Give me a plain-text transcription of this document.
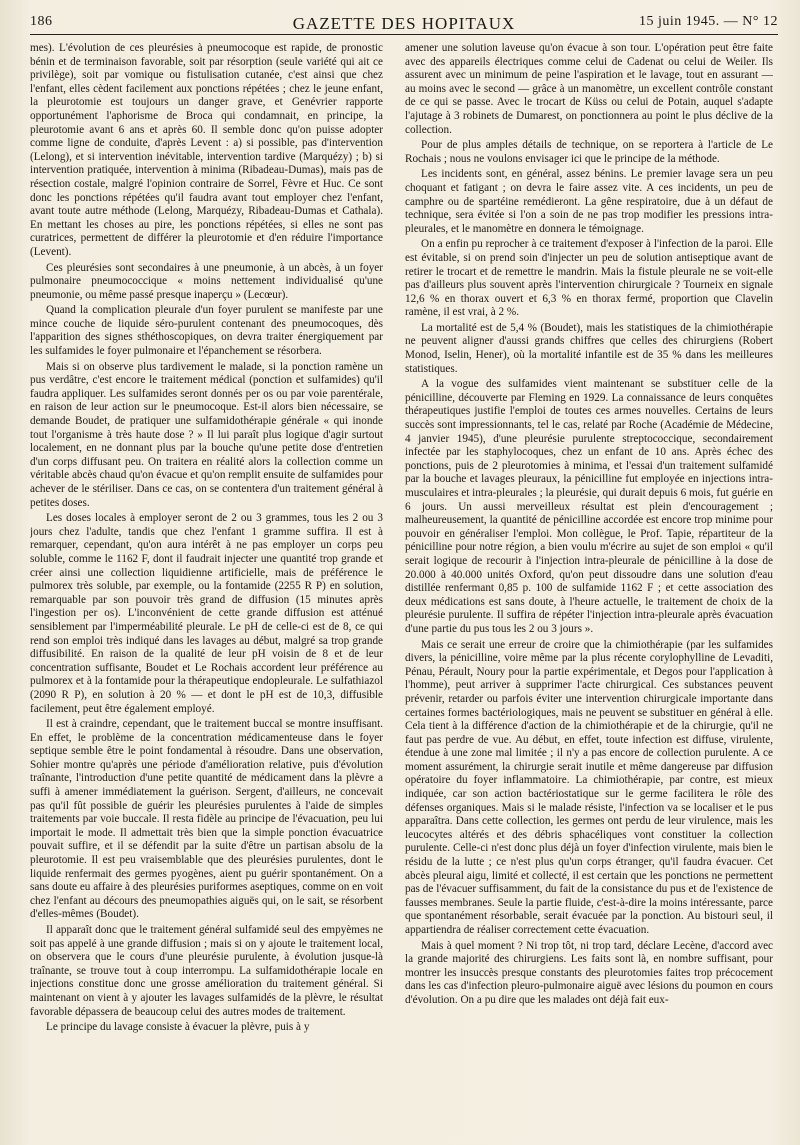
186	GAZETTE DES HOPITAUX	15 juin 1945. — N° 12

mes). L'évolution de ces pleurésies à pneumocoque est rapide, de pronostic bénin et de terminaison favorable, soit par résorption (seule variété qui ait ce privilège), soit par vomique ou fistulisation cutanée, c'est ainsi que chez l'enfant, elles cèdent facilement aux ponctions répétées ; chez le jeune enfant, la pleurotomie est toujours un danger grave, et Genévrier rapporte opportunément l'aphorisme de Broca qui condamnait, en principe, la pleurotomie avant 6 ans et après 60. Il semble donc qu'on puisse adopter comme ligne de conduite, d'après Levent : a) si possible, pas d'intervention (Lelong), et si intervention inévitable, intervention tardive (Marquézy) ; b) si intervention pratiquée, intervention à minima (Ribadeau-Dumas), mais pas de résection costale, malgré l'opinion contraire de Sorrel, Fèvre et Huc. Ce sont donc les ponctions répétées qu'il faudra avant tout employer chez l'enfant, avant toute autre méthode (Lelong, Marquézy, Ribadeau-Dumas et Cathala). En mettant les choses au pire, les ponctions répétées, si elles ne sont pas curatrices, permettent de différer la pleurotomie et d'en réduire l'importance (Levent).

Ces pleurésies sont secondaires à une pneumonie, à un abcès, à un foyer pulmonaire pneumococcique « moins nettement individualisé qu'une pneumonie, ou même passé presque inaperçu » (Lecœur).

Quand la complication pleurale d'un foyer purulent se manifeste par une mince couche de liquide séro-purulent contenant des pneumocoques, dès l'apparition des signes sthéthoscopiques, on devra traiter énergiquement par les sulfamides le foyer pulmonaire et l'épanchement se résorbera.

Mais si on observe plus tardivement le malade, si la ponction ramène un pus verdâtre, c'est encore le traitement médical (ponction et sulfamides) qu'il faudra appliquer. Les sulfamides seront donnés per os ou par voie parentérale, en raison de leur action sur le pneumocoque. Est-il alors bien nécessaire, se demande Boudet, de pratiquer une sulfamidothérapie générale « qui inonde tout l'organisme à très haute dose ? » Il lui paraît plus logique d'agir surtout localement, en ne donnant plus par la bouche qu'une petite dose d'entretien d'un corps diffusant peu. On traitera en réalité alors la collection comme un véritable abcès chaud qu'on évacue et qu'on remplit ensuite de sulfamides pour achever de le stériliser. Dans ce cas, on se contentera d'un traitement général à petites doses.

Les doses locales à employer seront de 2 ou 3 grammes, tous les 2 ou 3 jours chez l'adulte, tandis que chez l'enfant 1 gramme suffira. Il est à remarquer, cependant, qu'on aura intérêt à ne pas employer un corps peu soluble, comme le 1162 F, dont il faudrait injecter une quantité trop grande et créer ainsi une collection liquidienne artificielle, mais de préférence le pulmorex très soluble, par exemple, ou la fontamide (2255 R P) en solution, remarquable par son pouvoir très grand de diffusion (15 minutes après l'ingestion per os). L'inconvénient de cette grande diffusion est atténué sensiblement par l'imperméabilité pleurale. Le pH de celle-ci est de 8, ce qui rend son emploi très indiqué dans les lavages au début, malgré sa trop grande diffusibilité. En raison de la qualité de leur pH voisin de 8 et de leur concentration suffisante, Boudet et Le Rochais accordent leur préférence au pulmorex et à la fontamide pour la thérapeutique endopleurale. Le sulfathiazol (2090 R P), en solution à 20 % — et dont le pH est de 10,3, diffusible facilement, peut être également employé.

Il est à craindre, cependant, que le traitement buccal se montre insuffisant. En effet, le problème de la concentration médicamenteuse dans le foyer septique semble être le point fondamental à résoudre. Dans une observation, Sohier montre qu'après une période d'amélioration relative, puis d'évolution traînante, l'introduction d'une petite quantité de médicament dans la plèvre a suffi à amener immédiatement la guérison. Sergent, d'ailleurs, ne concevait pas qu'il fût possible de guérir les pleurésies purulentes à l'aide de simples traitements par voie buccale. Il resta fidèle au principe de l'évacuation, peu lui importait le mode. Il admettait très bien que la simple ponction évacuatrice pouvait suffire, et il se défendit par la suite d'être un partisan absolu de la pleurotomie. Il est peu vraisemblable que des pleurésies purulentes, dont le liquide renfermait des germes pyogènes, aient pu guérir spontanément. On a sans doute eu affaire à des pleurésies puriformes aseptiques, comme on en voit chez l'enfant au décours des pneumopathies aiguës qui, on le sait, se résorbent d'elles-mêmes (Boudet).

Il apparaît donc que le traitement général sulfamidé seul des empyèmes ne soit pas appelé à une grande diffusion ; mais si on y ajoute le traitement local, on observera que le cours d'une pleurésie purulente, à évolution jusque-là traînante, se trouve tout à coup interrompu. La sulfamidothérapie locale en injections constitue donc une grosse amélioration du traitement général. Si maintenant on vient à y ajouter les lavages sulfamidés de la plèvre, le résultat favorable dépassera de beaucoup celui des autres modes de traitement.

Le principe du lavage consiste à évacuer la plèvre, puis à y

amener une solution laveuse qu'on évacue à son tour. L'opération peut être faite avec des appareils électriques comme celui de Cadenat ou celui de Weiler. Ils assurent avec un minimum de peine l'aspiration et le lavage, tout en assurant — au moins avec le second — grâce à un manomètre, un excellent contrôle constant de ce qui se passe. Avec le trocart de Küss ou celui de Potain, auquel s'adapte l'ajutage à 3 robinets de Dumarest, on ponctionnera au point le plus déclive de la collection.

Pour de plus amples détails de technique, on se reportera à l'article de Le Rochais ; nous ne voulons envisager ici que le principe de la méthode.

Les incidents sont, en général, assez bénins. Le premier lavage sera un peu choquant et fatigant ; on devra le faire assez vite. A ces incidents, un peu de camphre ou de spartéine remédieront. La gêne respiratoire, due à un défaut de technique, sera évitée si l'on a soin de ne pas trop modifier les pressions intra-pleurales, et le manomètre en donnera le témoignage.

On a enfin pu reprocher à ce traitement d'exposer à l'infection de la paroi. Elle est évitable, si on prend soin d'injecter un peu de solution antiseptique avant de retirer le trocart et de remettre le mandrin. Mais la fistule pleurale ne se voit-elle pas d'ailleurs plus souvent après l'intervention chirurgicale ? Tourneix en signale 12,6 % en thorax ouvert et 6,3 % en thorax fermé, proportion que Clavelin ramène, il est vrai, à 2 %.

La mortalité est de 5,4 % (Boudet), mais les statistiques de la chimiothérapie ne peuvent aligner d'aussi grands chiffres que celles des chirurgiens (Robert Monod, Iselin, Hener), où la mortalité infantile est de 35 % dans les meilleures statistiques.

A la vogue des sulfamides vient maintenant se substituer celle de la pénicilline, découverte par Fleming en 1929. La connaissance de leurs conquêtes thérapeutiques justifie l'emploi de toutes ces armes nouvelles. Certains de leurs succès sont impressionnants, tel le cas, relaté par Roche (Académie de Médecine, 4 janvier 1945), d'une pleurésie purulente streptococcique, secondairement infectée par les staphylocoques, chez un enfant de 10 ans. Après échec des ponctions, puis de 2 pleurotomies à minima, et l'essai d'un traitement sulfamidé par la bouche et lavages pleuraux, la pénicilline fut employée en injections intra-musculaires et intra-pleurales ; la pleurésie, qui durait depuis 6 mois, fut guérie en 6 jours. Un aussi merveilleux résultat est plein d'encouragement ; malheureusement, la quantité de pénicilline accordée est encore trop minime pour pouvoir en généraliser l'emploi. Mon collègue, le Prof. Tapie, répartiteur de la pénicilline pour notre région, a bien voulu m'écrire au sujet de son emploi « qu'il serait logique de recourir à l'injection intra-pleurale de pénicilline à la dose de 20.000 à 40.000 unités Oxford, qu'on peut dissoudre dans une solution d'eau distillée renfermant 0,85 p. 100 de sulfamide 1162 F ; et cette association des deux médications est sans doute, à l'heure actuelle, le traitement de choix de la pleurésie purulente. Il suffira de répéter l'injection intra-pleurale après évacuation d'une partie du pus tous les 2 ou 3 jours ».

Mais ce serait une erreur de croire que la chimiothérapie (par les sulfamides divers, la pénicilline, voire même par la plus récente corylophylline de Levaditi, Pénau, Pérault, Noury pour la partie expérimentale, et Degos pour l'application à l'homme), peut arriver à supprimer l'acte chirurgical. Ces substances peuvent prévenir, retarder ou parfois éviter une intervention chirurgicale importante dans certaines formes bactériologiques, mais ne peuvent se substituer en général à elle. Cela tient à la différence d'action de la chimiothérapie et de la chirurgie, qu'il ne faut pas perdre de vue. Au début, en effet, toute infection est diffuse, virulente, étendue à une zone mal limitée ; il n'y a pas encore de collection purulente. A ce moment assurément, la chirurgie serait inutile et même dangereuse par diffusion opératoire du foyer inflammatoire. La chimiothérapie, par contre, est mieux indiquée, car son action bactériostatique sur le germe facilitera le rôle des défenses organiques. Mais si le malade résiste, l'infection va se localiser et le pus apparaîtra. Dans cette collection, les germes ont perdu de leur virulence, mais les leucocytes altérés et des débris sphacéliques vont constituer la collection purulente. Celle-ci n'est donc plus déjà un foyer d'infection virulente, mais bien le résidu de la lutte ; ce n'est plus qu'un corps étranger, qu'il faudra évacuer. Cet abcès pleural aigu, limité et collecté, il est certain que les ponctions ne permettent pas de l'évacuer suffisamment, du fait de la consistance du pus et de l'existence de fausses membranes. Seule la partie fluide, c'est-à-dire la moins intéressante, parce que spontanément résorbable, serait évacuée par la ponction. Au bistouri seul, il appartiendra de réaliser correctement cette évacuation.

Mais à quel moment ? Ni trop tôt, ni trop tard, déclare Lecène, d'accord avec la grande majorité des chirurgiens. Les faits sont là, en nombre suffisant, pour montrer les insuccès presque constants des pleurotomies faites trop précocement dans les cas d'infection pleuro-pulmonaire aiguë avec lésions du poumon en cours d'évolution. On a pu dire que les malades ont déjà fait eux-
